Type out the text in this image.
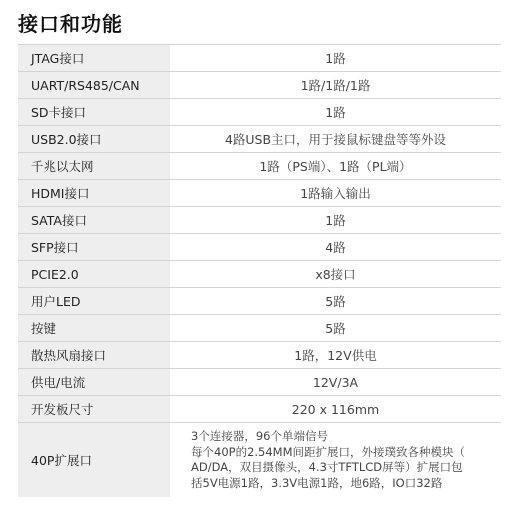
接口和功能
JTAG接口	1路
UART/RS485/CAN	1路/1路/1路
SD卡接口	1路
USB2.0接口	4路USB主口，用于接鼠标键盘等等外设
千兆以太网	1路（PS端）、1路（PL端）
HDMI接口	1路输入输出
SATA接口	1路
SFP接口	4路
PCIE2.0	x8接口
用户LED	5路
按键	5路
散热风扇接口	1路，12V供电
供电/电流	12V/3A
开发板尺寸	220 x 116mm
40P扩展口	3个连接器，96个单端信号
每个40P的2.54MM间距扩展口，外接璞致各种模块（
AD/DA，双目摄像头，4.3寸TFTLCD屏等）扩展口包
括5V电源1路，3.3V电源1路，地6路，IO口32路
